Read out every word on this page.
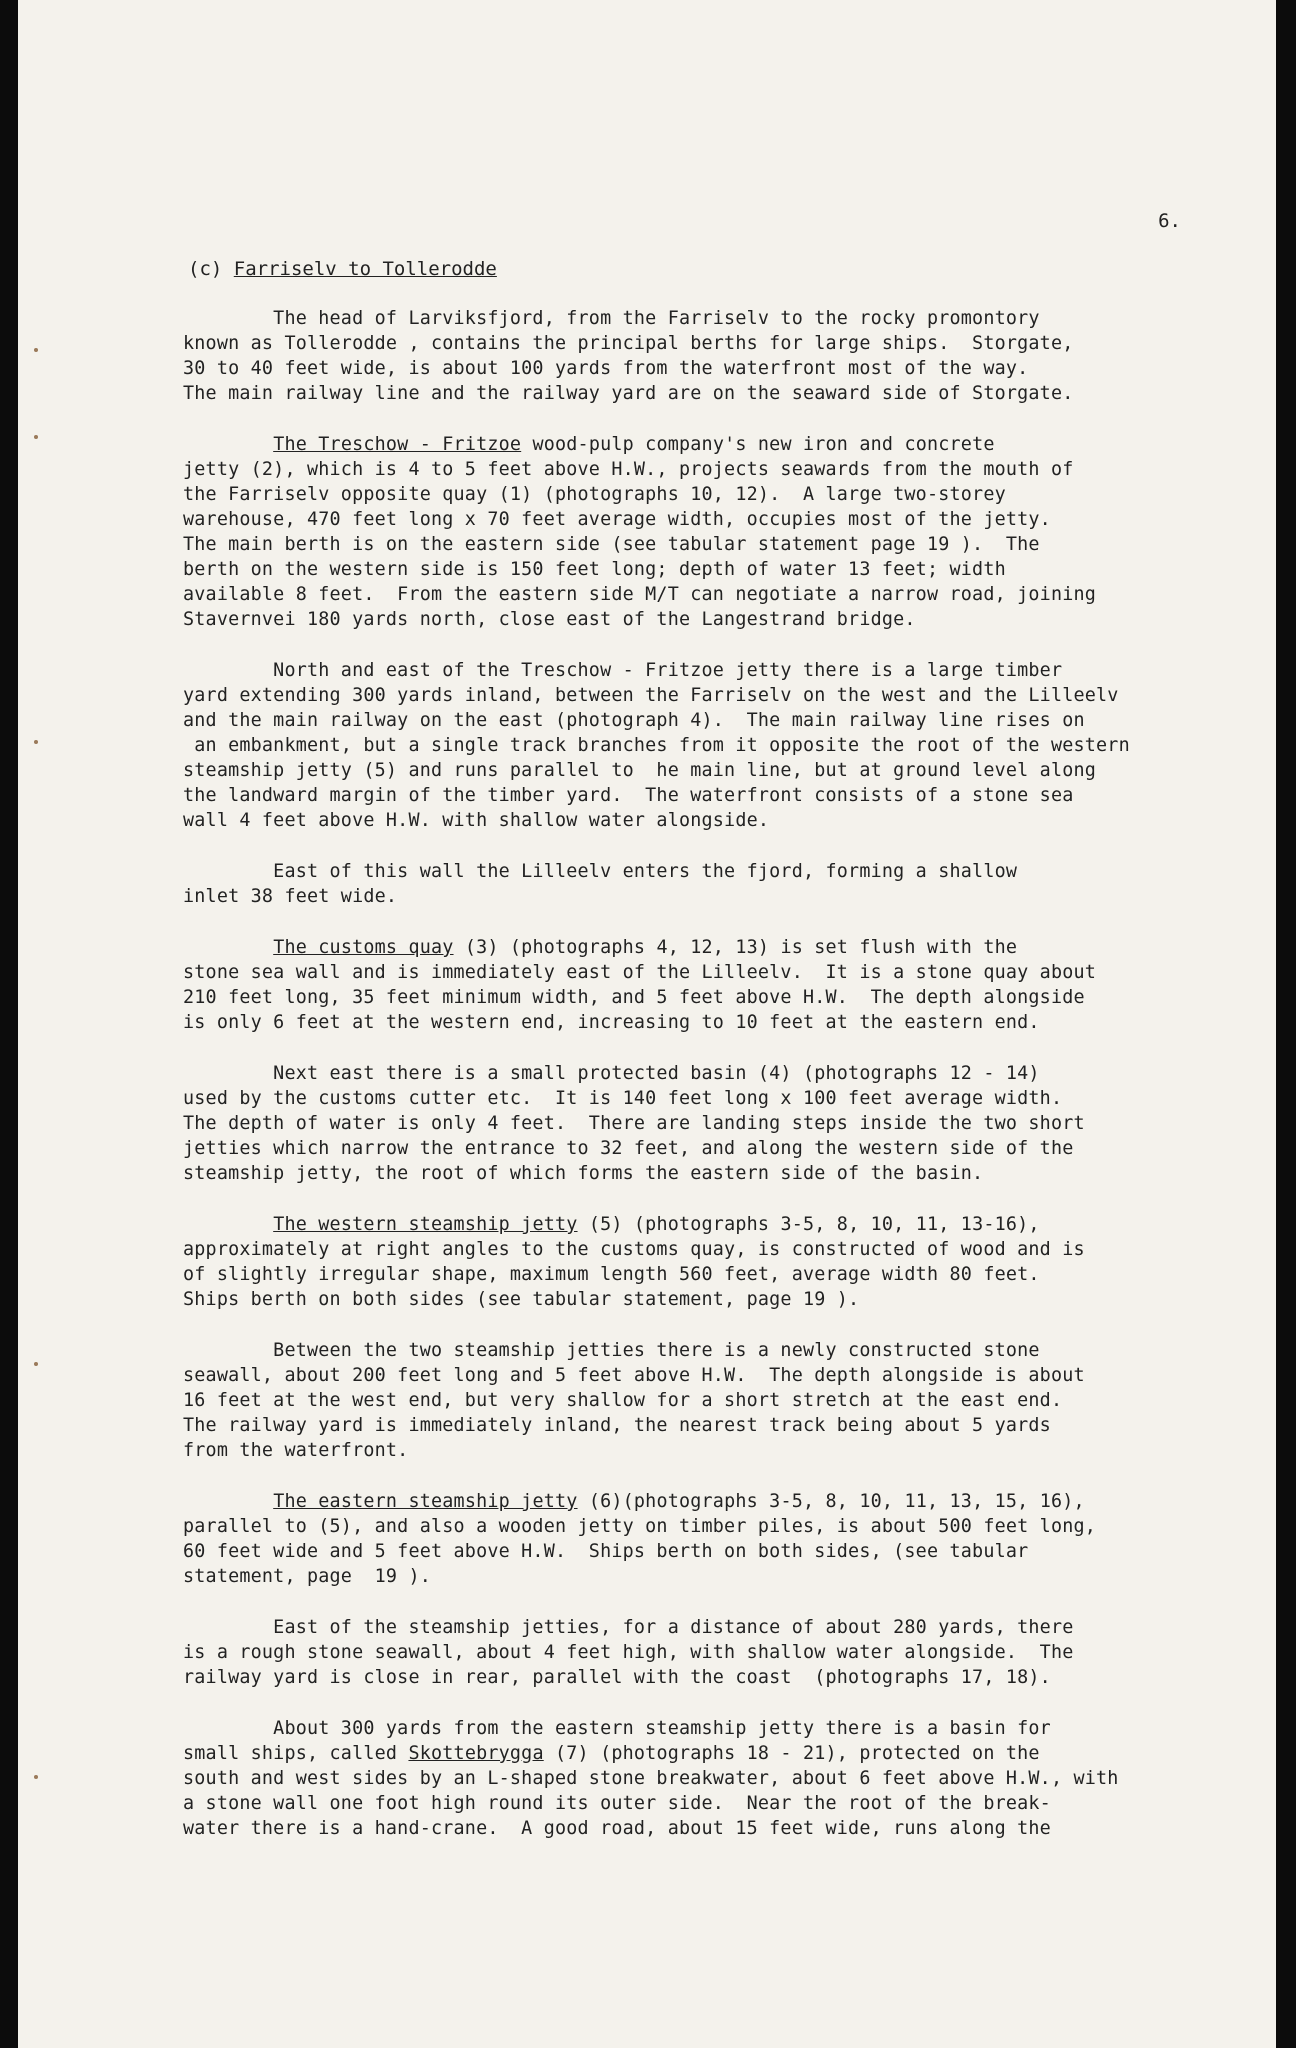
6.
(c) Farriselv to Tollerodde
The head of Larviksfjord, from the Farriselv to the rocky promontory
known as Tollerodde , contains the principal berths for large ships.  Storgate,
30 to 40 feet wide, is about 100 yards from the waterfront most of the way.
The main railway line and the railway yard are on the seaward side of Storgate.
The Treschow - Fritzoe wood-pulp company's new iron and concrete
jetty (2), which is 4 to 5 feet above H.W., projects seawards from the mouth of
the Farriselv opposite quay (1) (photographs 10, 12).  A large two-storey
warehouse, 470 feet long x 70 feet average width, occupies most of the jetty.
The main berth is on the eastern side (see tabular statement page 19 ).  The
berth on the western side is 150 feet long; depth of water 13 feet; width
available 8 feet.  From the eastern side M/T can negotiate a narrow road, joining
Stavernvei 180 yards north, close east of the Langestrand bridge.
North and east of the Treschow - Fritzoe jetty there is a large timber
yard extending 300 yards inland, between the Farriselv on the west and the Lilleelv
and the main railway on the east (photograph 4).  The main railway line rises on
an embankment, but a single track branches from it opposite the root of the western
steamship jetty (5) and runs parallel to  he main line, but at ground level along
the landward margin of the timber yard.  The waterfront consists of a stone sea
wall 4 feet above H.W. with shallow water alongside.
East of this wall the Lilleelv enters the fjord, forming a shallow
inlet 38 feet wide.
The customs quay (3) (photographs 4, 12, 13) is set flush with the
stone sea wall and is immediately east of the Lilleelv.  It is a stone quay about
210 feet long, 35 feet minimum width, and 5 feet above H.W.  The depth alongside
is only 6 feet at the western end, increasing to 10 feet at the eastern end.
Next east there is a small protected basin (4) (photographs 12 - 14)
used by the customs cutter etc.  It is 140 feet long x 100 feet average width.
The depth of water is only 4 feet.  There are landing steps inside the two short
jetties which narrow the entrance to 32 feet, and along the western side of the
steamship jetty, the root of which forms the eastern side of the basin.
The western steamship jetty (5) (photographs 3-5, 8, 10, 11, 13-16),
approximately at right angles to the customs quay, is constructed of wood and is
of slightly irregular shape, maximum length 560 feet, average width 80 feet.
Ships berth on both sides (see tabular statement, page 19 ).
Between the two steamship jetties there is a newly constructed stone
seawall, about 200 feet long and 5 feet above H.W.  The depth alongside is about
16 feet at the west end, but very shallow for a short stretch at the east end.
The railway yard is immediately inland, the nearest track being about 5 yards
from the waterfront.
The eastern steamship jetty (6)(photographs 3-5, 8, 10, 11, 13, 15, 16),
parallel to (5), and also a wooden jetty on timber piles, is about 500 feet long,
60 feet wide and 5 feet above H.W.  Ships berth on both sides, (see tabular
statement, page  19 ).
East of the steamship jetties, for a distance of about 280 yards, there
is a rough stone seawall, about 4 feet high, with shallow water alongside.  The
railway yard is close in rear, parallel with the coast  (photographs 17, 18).
About 300 yards from the eastern steamship jetty there is a basin for
small ships, called Skottebrygga (7) (photographs 18 - 21), protected on the
south and west sides by an L-shaped stone breakwater, about 6 feet above H.W., with
a stone wall one foot high round its outer side.  Near the root of the break-
water there is a hand-crane.  A good road, about 15 feet wide, runs along the
